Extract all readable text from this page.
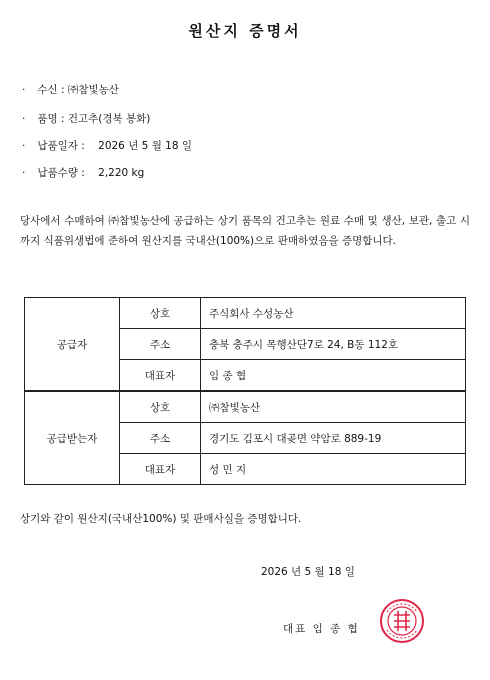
원산지 증명서
· 수신 : ㈜참빛농산
· 품명 : 건고추(경북 봉화)
· 납품일자 : 2026 년 5 월 18 일
· 납품수량 : 2,220 kg
당사에서 수매하여 ㈜참빛농산에 공급하는 상기 품목의 건고추는 원료 수매 및 생산, 보관, 출고 시 까지 식품위생법에 준하여 원산지를 국내산(100%)으로 판매하였음을 증명합니다.
공급자	상호	주식회사 수성농산
	주소	충북 충주시 목행산단7로 24, B동 112호
	대표자	임 종 협
공급받는자	상호	㈜참빛농산
	주소	경기도 김포시 대곶면 약암로 889-19
	대표자	성 민 지
상기와 같이 원산지(국내산100%) 및 판매사실을 증명합니다.
2026 년 5 월 18 일
대표 임 종 협
